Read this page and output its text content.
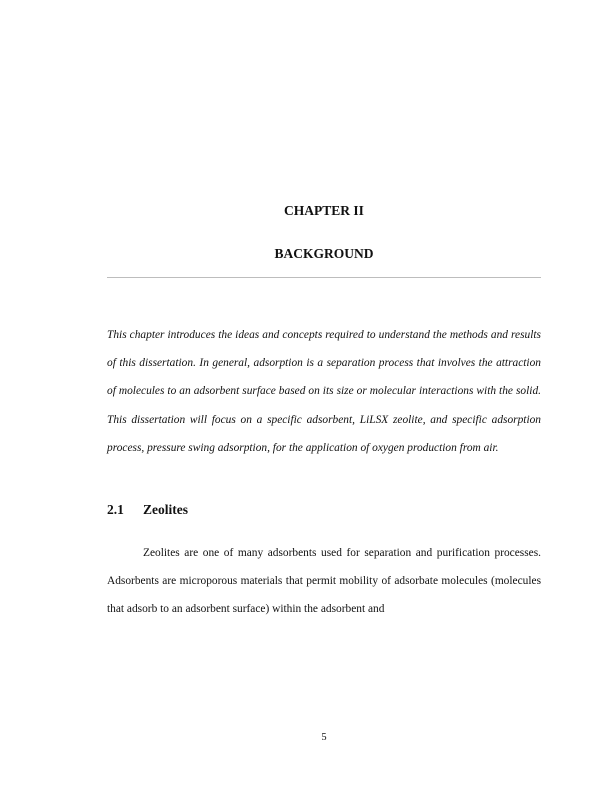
CHAPTER II
BACKGROUND

This chapter introduces the ideas and concepts required to understand the methods and results of this dissertation. In general, adsorption is a separation process that involves the attraction of molecules to an adsorbent surface based on its size or molecular interactions with the solid. This dissertation will focus on a specific adsorbent, LiLSX zeolite, and specific adsorption process, pressure swing adsorption, for the application of oxygen production from air.

2.1 Zeolites

Zeolites are one of many adsorbents used for separation and purification processes. Adsorbents are microporous materials that permit mobility of adsorbate molecules (molecules that adsorb to an adsorbent surface) within the adsorbent and

5
